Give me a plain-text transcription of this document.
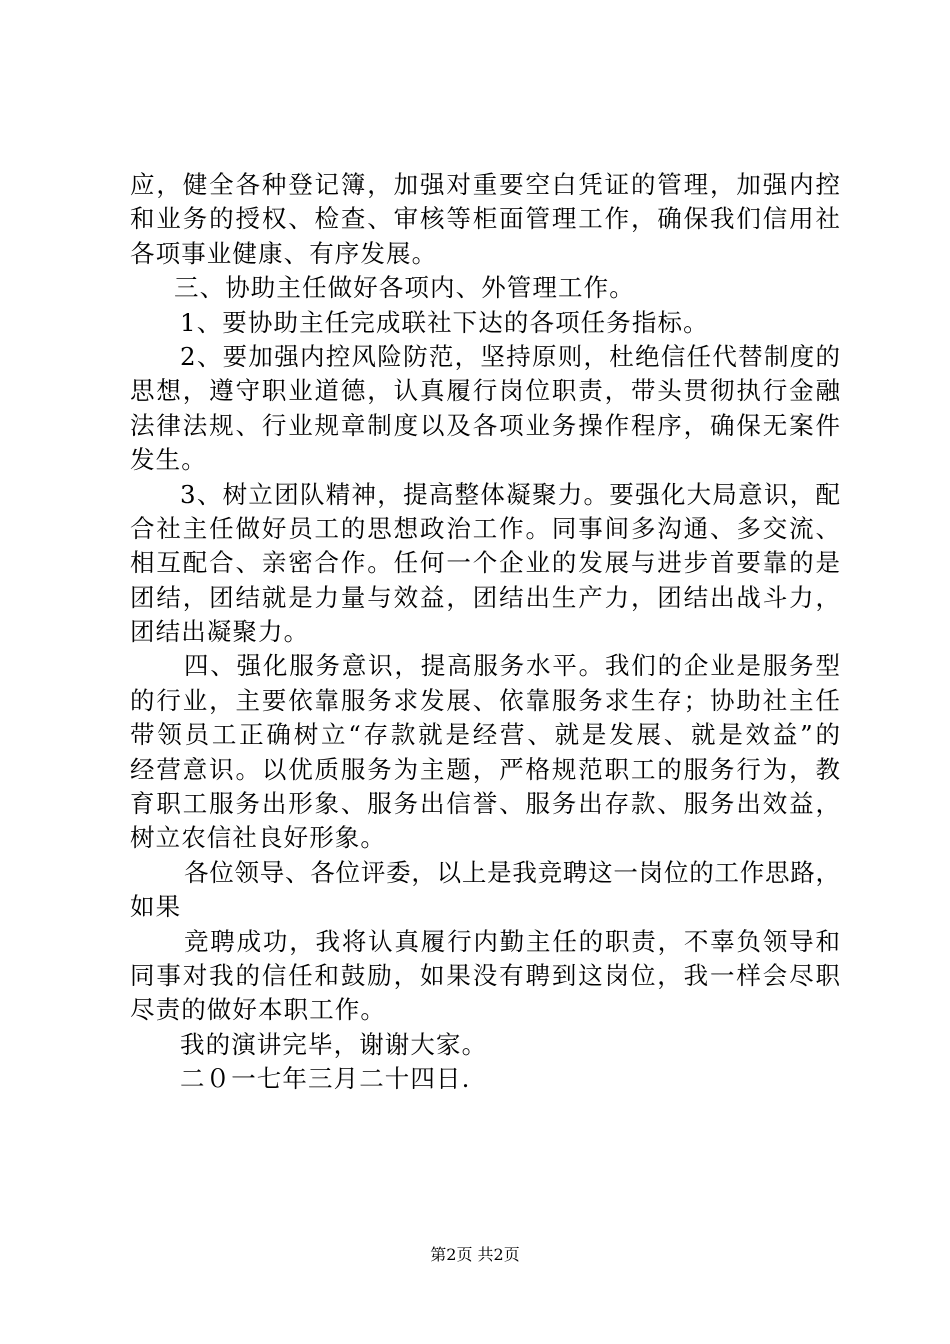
应，健全各种登记簿，加强对重要空白凭证的管理，加强内控
和业务的授权、检查、审核等柜面管理工作，确保我们信用社
各项事业健康、有序发展。
三、协助主任做好各项内、外管理工作。
1、要协助主任完成联社下达的各项任务指标。
2、要加强内控风险防范，坚持原则，杜绝信任代替制度的
思想，遵守职业道德，认真履行岗位职责，带头贯彻执行金融
法律法规、行业规章制度以及各项业务操作程序，确保无案件
发生。
3、树立团队精神，提高整体凝聚力。要强化大局意识，配
合社主任做好员工的思想政治工作。同事间多沟通、多交流、
相互配合、亲密合作。任何一个企业的发展与进步首要靠的是
团结，团结就是力量与效益，团结出生产力，团结出战斗力，
团结出凝聚力。
四、强化服务意识，提高服务水平。我们的企业是服务型
的行业，主要依靠服务求发展、依靠服务求生存；协助社主任
带领员工正确树立“存款就是经营、就是发展、就是效益”的
经营意识。以优质服务为主题，严格规范职工的服务行为，教
育职工服务出形象、服务出信誉、服务出存款、服务出效益，
树立农信社良好形象。
各位领导、各位评委，以上是我竞聘这一岗位的工作思路，
如果
竞聘成功，我将认真履行内勤主任的职责，不辜负领导和
同事对我的信任和鼓励，如果没有聘到这岗位，我一样会尽职
尽责的做好本职工作。
我的演讲完毕，谢谢大家。
二０一七年三月二十四日.
第2页 共2页
